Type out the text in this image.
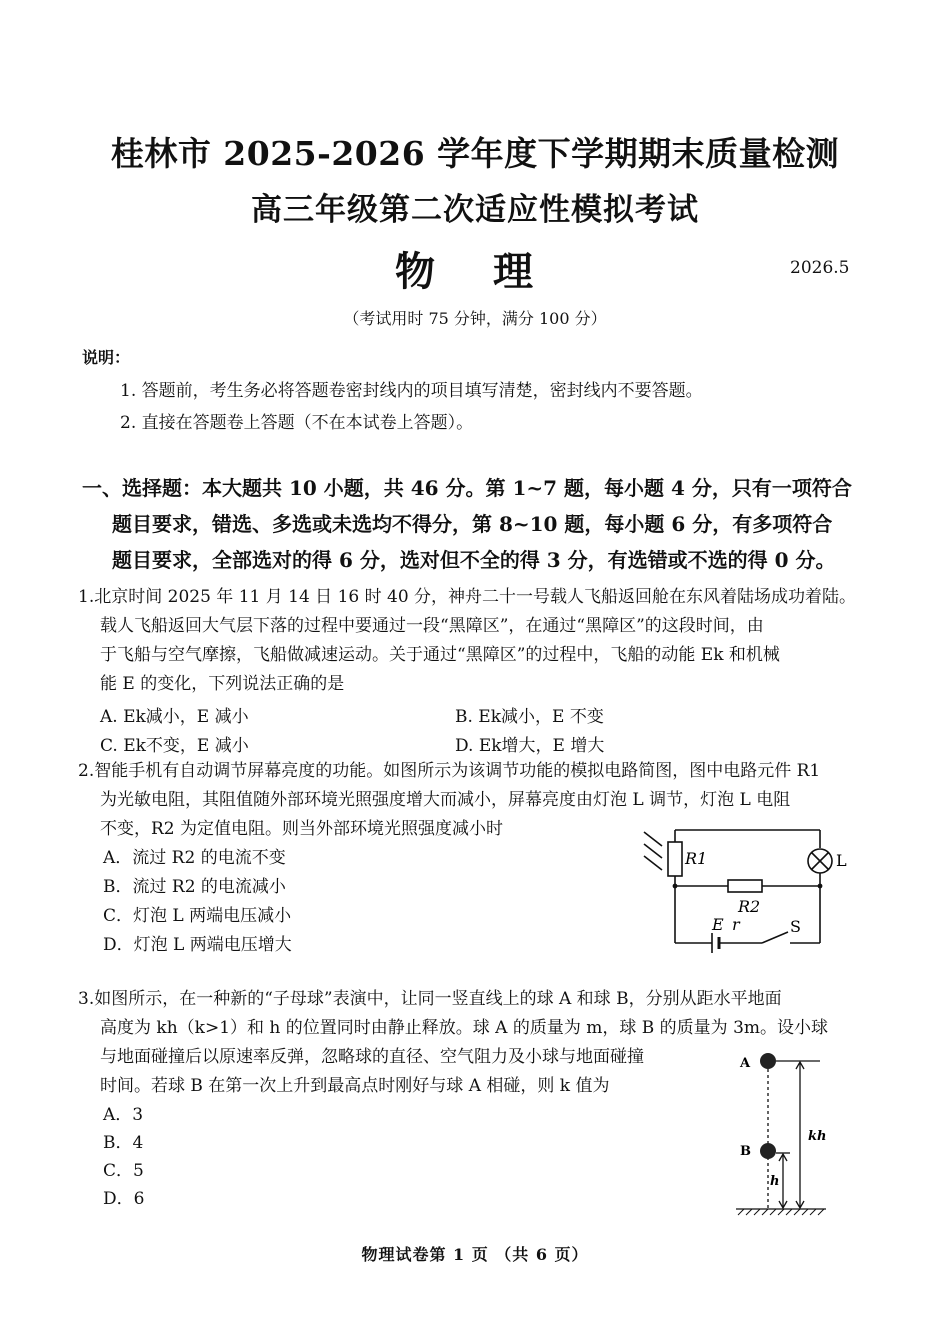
桂林市 2025-2026 学年度下学期期末质量检测
高三年级第二次适应性模拟考试
物 理	2026.5
（考试用时 75 分钟，满分 100 分）
说明：
1. 答题前，考生务必将答题卷密封线内的项目填写清楚，密封线内不要答题。
2. 直接在答题卷上答题（不在本试卷上答题）。
一、选择题：本大题共 10 小题，共 46 分。第 1~7 题，每小题 4 分，只有一项符合
题目要求，错选、多选或未选均不得分，第 8~10 题，每小题 6 分，有多项符合
题目要求，全部选对的得 6 分，选对但不全的得 3 分，有选错或不选的得 0 分。
1.北京时间 2025 年 11 月 14 日 16 时 40 分，神舟二十一号载人飞船返回舱在东风着陆场成功着陆。
载人飞船返回大气层下落的过程中要通过一段“黑障区”，在通过“黑障区”的这段时间，由
于飞船与空气摩擦，飞船做减速运动。关于通过“黑障区”的过程中，飞船的动能 Ek 和机械
能 E 的变化，下列说法正确的是
A. Ek减小，E 减小	B. Ek减小，E 不变
C. Ek不变，E 减小	D. Ek增大，E 增大
2.智能手机有自动调节屏幕亮度的功能。如图所示为该调节功能的模拟电路简图，图中电路元件 R1
为光敏电阻，其阻值随外部环境光照强度增大而减小，屏幕亮度由灯泡 L 调节，灯泡 L 电阻
不变，R2 为定值电阻。则当外部环境光照强度减小时
A．流过 R2 的电流不变
B．流过 R2 的电流减小
C．灯泡 L 两端电压减小
D．灯泡 L 两端电压增大
R1	L
R2
E r	S
3.如图所示，在一种新的“子母球”表演中，让同一竖直线上的球 A 和球 B，分别从距水平地面
高度为 kh（k>1）和 h 的位置同时由静止释放。球 A 的质量为 m，球 B 的质量为 3m。设小球
与地面碰撞后以原速率反弹，忽略球的直径、空气阻力及小球与地面碰撞
时间。若球 B 在第一次上升到最高点时刚好与球 A 相碰，则 k 值为
A．3
B．4
C．5
D．6
A
B
kh
h
物理试卷第 1 页 （共 6 页）
